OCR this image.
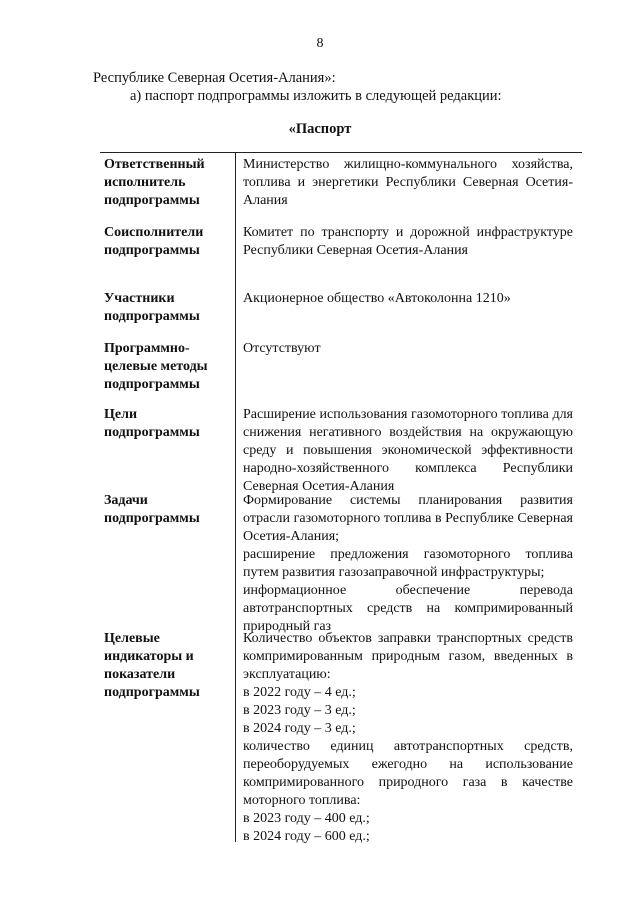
8
Республике Северная Осетия-Алания»:
а) паспорт подпрограммы изложить в следующей редакции:
«Паспорт
Ответственный
исполнитель
подпрограммы
Министерство жилищно-коммунального хозяйства, топлива и энергетики Республики Северная Осетия-Алания
Соисполнители
подпрограммы
Комитет по транспорту и дорожной инфраструктуре Республики Северная Осетия-Алания
Участники
подпрограммы
Акционерное общество «Автоколонна 1210»
Программно-
целевые методы
подпрограммы
Отсутствуют
Цели
подпрограммы
Расширение использования газомоторного топлива для снижения негативного воздействия на окружающую среду и повышения экономической эффективности народно-хозяйственного комплекса Республики Северная Осетия-Алания
Задачи
подпрограммы
Формирование системы планирования развития отрасли газомоторного топлива в Республике Северная Осетия-Алания;
расширение предложения газомоторного топлива путем развития газозаправочной инфраструктуры;
информационное обеспечение перевода автотранспортных средств на компримированный природный газ
Целевые
индикаторы и
показатели
подпрограммы
Количество объектов заправки транспортных средств компримированным природным газом, введенных в эксплуатацию:
в 2022 году – 4 ед.;
в 2023 году – 3 ед.;
в 2024 году – 3 ед.;
количество единиц автотранспортных средств, переоборудуемых ежегодно на использование компримированного природного газа в качестве моторного топлива:
в 2023 году – 400 ед.;
в 2024 году – 600 ед.;
